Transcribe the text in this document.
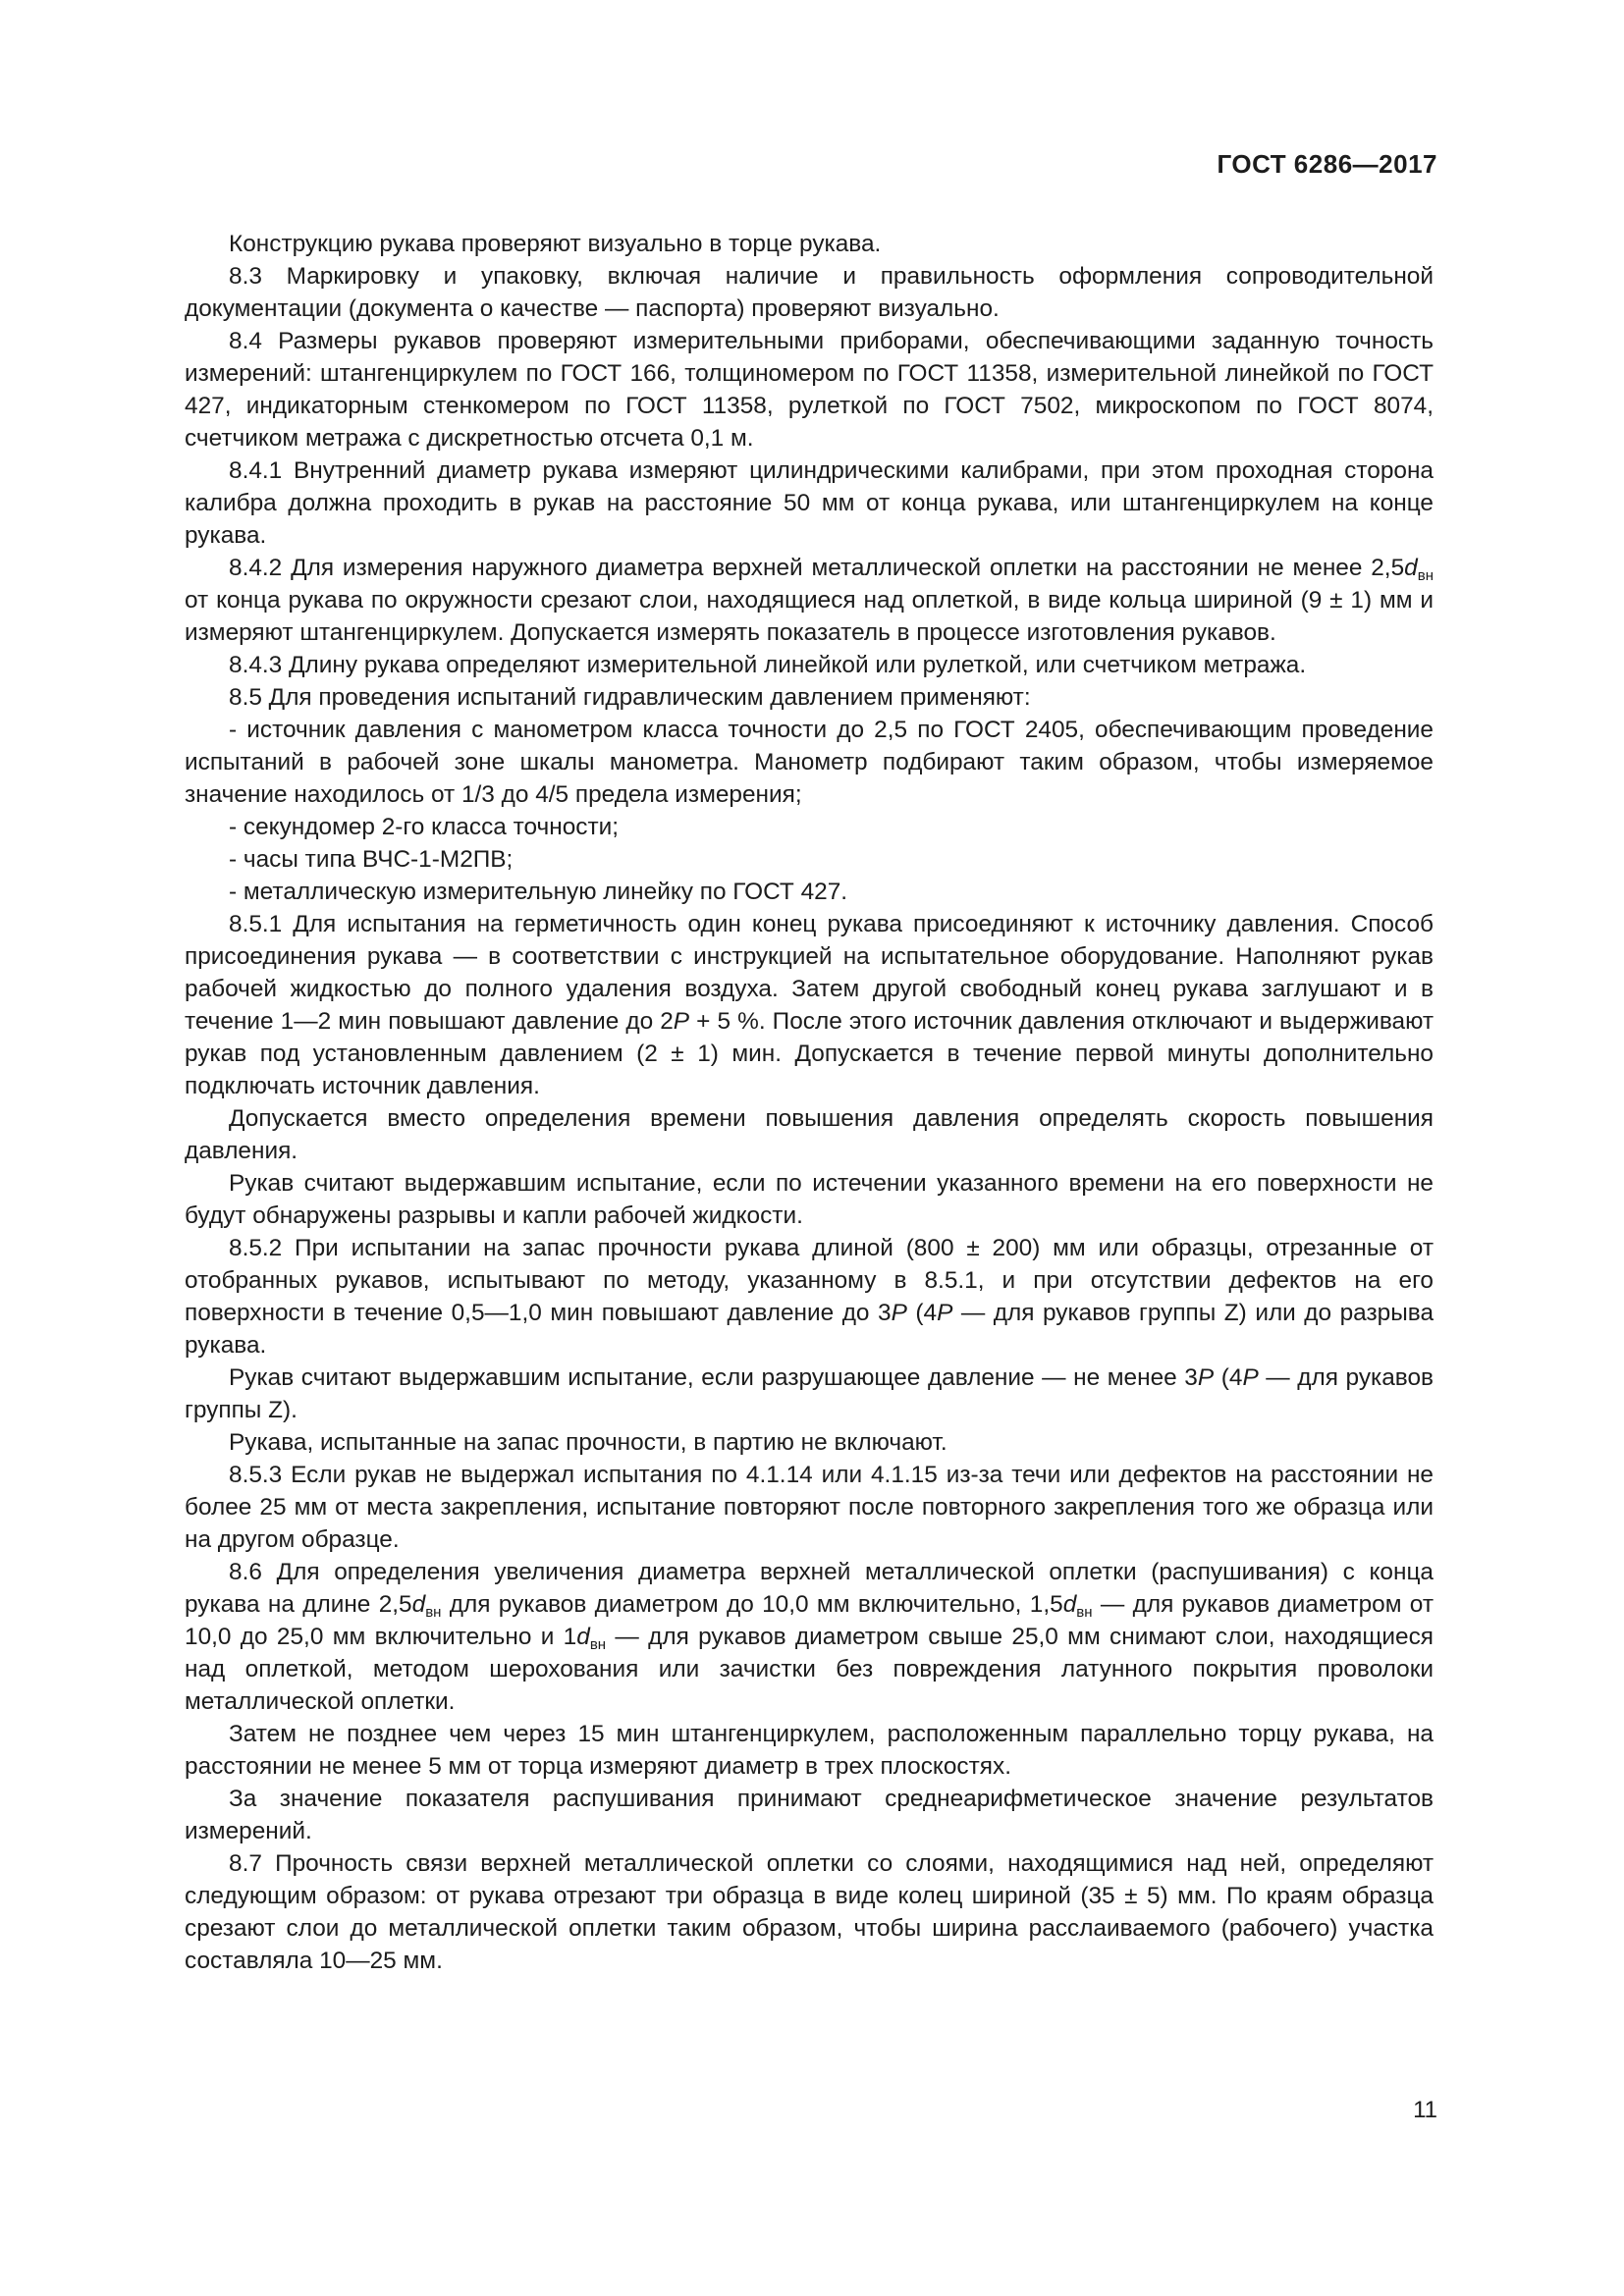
ГОСТ 6286—2017

Конструкцию рукава проверяют визуально в торце рукава.

8.3 Маркировку и упаковку, включая наличие и правильность оформления сопроводительной документации (документа о качестве — паспорта) проверяют визуально.

8.4 Размеры рукавов проверяют измерительными приборами, обеспечивающими заданную точность измерений: штангенциркулем по ГОСТ 166, толщиномером по ГОСТ 11358, измерительной линейкой по ГОСТ 427, индикаторным стенкомером по ГОСТ 11358, рулеткой по ГОСТ 7502, микроскопом по ГОСТ 8074, счетчиком метража с дискретностью отсчета 0,1 м.

8.4.1 Внутренний диаметр рукава измеряют цилиндрическими калибрами, при этом проходная сторона калибра должна проходить в рукав на расстояние 50 мм от конца рукава, или штангенциркулем на конце рукава.

8.4.2 Для измерения наружного диаметра верхней металлической оплетки на расстоянии не менее $2,5d_{вн}$ от конца рукава по окружности срезают слои, находящиеся над оплеткой, в виде кольца шириной (9 ± 1) мм и измеряют штангенциркулем. Допускается измерять показатель в процессе изготовления рукавов.

8.4.3 Длину рукава определяют измерительной линейкой или рулеткой, или счетчиком метража.

8.5 Для проведения испытаний гидравлическим давлением применяют:

- источник давления с манометром класса точности до 2,5 по ГОСТ 2405, обеспечивающим проведение испытаний в рабочей зоне шкалы манометра. Манометр подбирают таким образом, чтобы измеряемое значение находилось от 1/3 до 4/5 предела измерения;

- секундомер 2-го класса точности;

- часы типа ВЧС-1-М2ПВ;

- металлическую измерительную линейку по ГОСТ 427.

8.5.1 Для испытания на герметичность один конец рукава присоединяют к источнику давления. Способ присоединения рукава — в соответствии с инструкцией на испытательное оборудование. Наполняют рукав рабочей жидкостью до полного удаления воздуха. Затем другой свободный конец рукава заглушают и в течение 1—2 мин повышают давление до 2P + 5 %. После этого источник давления отключают и выдерживают рукав под установленным давлением (2 ± 1) мин. Допускается в течение первой минуты дополнительно подключать источник давления.

Допускается вместо определения времени повышения давления определять скорость повышения давления.

Рукав считают выдержавшим испытание, если по истечении указанного времени на его поверхности не будут обнаружены разрывы и капли рабочей жидкости.

8.5.2 При испытании на запас прочности рукава длиной (800 ± 200) мм или образцы, отрезанные от отобранных рукавов, испытывают по методу, указанному в 8.5.1, и при отсутствии дефектов на его поверхности в течение 0,5—1,0 мин повышают давление до 3P (4P — для рукавов группы Z) или до разрыва рукава.

Рукав считают выдержавшим испытание, если разрушающее давление — не менее 3P (4P — для рукавов группы Z).

Рукава, испытанные на запас прочности, в партию не включают.

8.5.3 Если рукав не выдержал испытания по 4.1.14 или 4.1.15 из-за течи или дефектов на расстоянии не более 25 мм от места закрепления, испытание повторяют после повторного закрепления того же образца или на другом образце.

8.6 Для определения увеличения диаметра верхней металлической оплетки (распушивания) с конца рукава на длине $2,5d_{вн}$ для рукавов диаметром до 10,0 мм включительно, $1,5d_{вн}$ — для рукавов диаметром от 10,0 до 25,0 мм включительно и $1d_{вн}$ — для рукавов диаметром свыше 25,0 мм снимают слои, находящиеся над оплеткой, методом шерохования или зачистки без повреждения латунного покрытия проволоки металлической оплетки.

Затем не позднее чем через 15 мин штангенциркулем, расположенным параллельно торцу рукава, на расстоянии не менее 5 мм от торца измеряют диаметр в трех плоскостях.

За значение показателя распушивания принимают среднеарифметическое значение результатов измерений.

8.7 Прочность связи верхней металлической оплетки со слоями, находящимися над ней, определяют следующим образом: от рукава отрезают три образца в виде колец шириной (35 ± 5) мм. По краям образца срезают слои до металлической оплетки таким образом, чтобы ширина расслаиваемого (рабочего) участка составляла 10—25 мм.

11
